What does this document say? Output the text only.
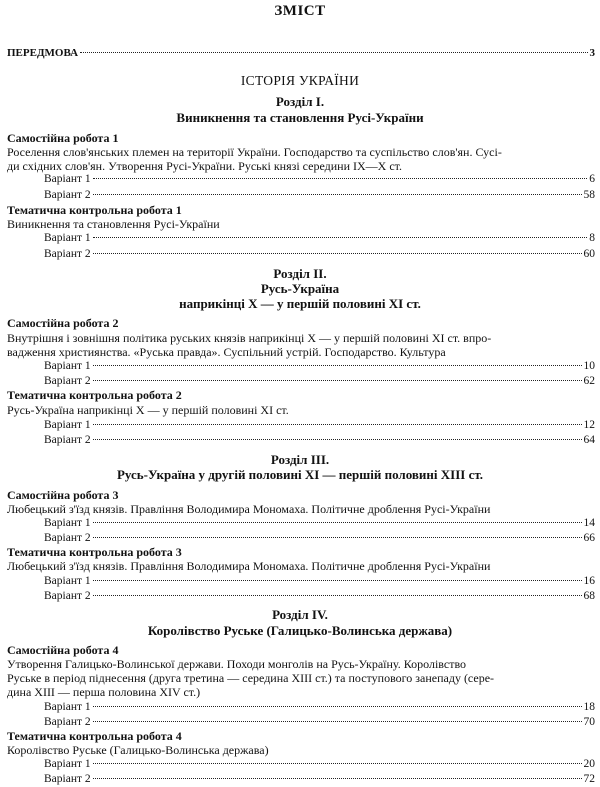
ЗМІСТ
ПЕРЕДМОВА	3
ІСТОРІЯ УКРАЇНИ
Розділ І.
Виникнення та становлення Русі-України
Самостійна робота 1
Роселення слов'янських племен на території України. Господарство та суспільство слов'ян. Сусі-
ди східних слов'ян. Утворення Русі-України. Руські князі середини IX—X ст.
Варіант 1	6
Варіант 2	58
Тематична контрольна робота 1
Виникнення та становлення Русі-України
Варіант 1	8
Варіант 2	60
Розділ ІІ.
Русь-Україна
наприкінці X — у першій половині XI ст.
Самостійна робота 2
Внутрішня і зовнішня політика руських князів наприкінці X — у першій половині XI ст. впро-
вадження християнства. «Руська правда». Суспільний устрій. Господарство. Культура
Варіант 1	10
Варіант 2	62
Тематична контрольна робота 2
Русь-Україна наприкінці X — у першій половині XI ст.
Варіант 1	12
Варіант 2	64
Розділ ІІІ.
Русь-Україна у другій половині XI — першій половині XIII ст.
Самостійна робота 3
Любецький з'їзд князів. Правління Володимира Мономаха. Політичне дроблення Русі-України
Варіант 1	14
Варіант 2	66
Тематична контрольна робота 3
Любецький з'їзд князів. Правління Володимира Мономаха. Політичне дроблення Русі-України
Варіант 1	16
Варіант 2	68
Розділ IV.
Королівство Руське (Галицько-Волинська держава)
Самостійна робота 4
Утворення Галицько-Волинської держави. Походи монголів на Русь-Україну. Королівство
Руське в період піднесення (друга третина — середина XIII ст.) та поступового занепаду (сере-
дина XIII — перша половина XIV ст.)
Варіант 1	18
Варіант 2	70
Тематична контрольна робота 4
Королівство Руське (Галицько-Волинська держава)
Варіант 1	20
Варіант 2	72
